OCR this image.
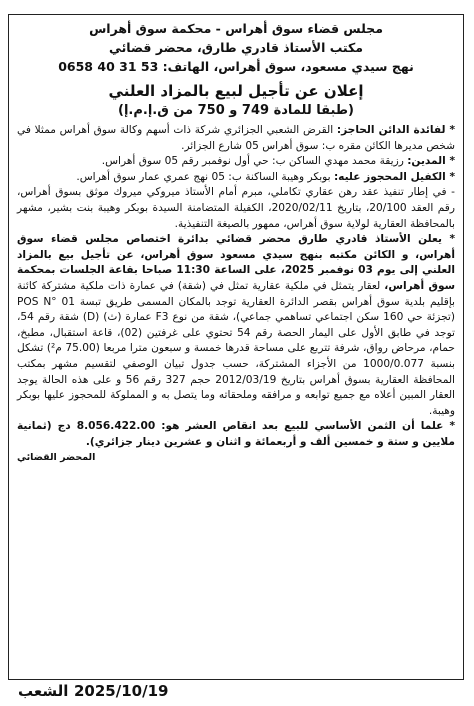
مجلس قضاء سوق أهراس - محكمة سوق أهراس
مكتب الأستاذ قادري طارق، محضر قضائي
نهج سيدي مسعود، سوق أهراس، الهاتف: 53 31 40 0658
إعلان عن تأجيل لبيع بالمزاد العلني
(طبقا للمادة 749 و 750 من ق.إ.م.إ)

* لفائدة الدائن الحاجز: القرض الشعبي الجزائري شركة ذات أسهم وكالة سوق أهراس ممثلا في شخص مديرها الكائن مقره ب: سوق أهراس 05 شارع الجزائر.

* المدين: رزيقة محمد مهدي الساكن ب: حي أول نوفمبر رقم 05 سوق أهراس.

* الكفيل المحجوز عليه: بوبكر وهيبة الساكنة ب: 05 نهج عمري عمار سوق أهراس.

- في إطار تنفيذ عقد رهن عقاري تكاملي، مبرم أمام الأستاذ ميروكي ميروك موثق بسوق أهراس، رقم العقد 20/100، بتاريخ 2020/02/11، الكفيلة المتضامنة السيدة بوبكر وهيبة بنت بشير، مشهر بالمحافظة العقارية لولاية سوق أهراس، ممهور بالصيغة التنفيذية.

* يعلن الأستاذ قادري طارق محضر قضائي بدائرة اختصاص مجلس قضاء سوق أهراس، و الكائن مكتبه بنهج سيدي مسعود سوق أهراس، عن تأجيل بيع بالمزاد العلني إلى يوم 03 نوفمبر 2025، على الساعة 11:30 صباحا بقاعة الجلسات بمحكمة سوق أهراس، لعقار يتمثل في ملكية عقارية تمثل في (شقة) في عمارة ذات ملكية مشتركة كائنة بإقليم بلدية سوق أهراس بقصر الدائرة العقارية توجد بالمكان المسمى طريق تبسة POS N° 01 (تجزئة حي 160 سكن اجتماعي تساهمي جماعي)، شقة من نوع F3 عمارة (ث) (D) شقة رقم 54، توجد في طابق الأول على اليمار الحصة رقم 54 تحتوي على غرفتين (02)، قاعة استقبال، مطبخ، حمام، مرحاض رواق، شرفة تتربع على مساحة قدرها خمسة و سبعون مترا مربعا (75.00 م²) تشكل بنسبة 1000/0.077 من الأجزاء المشتركة، حسب جدول تبيان الوصفي لتقسيم مشهر بمكتب المحافظة العقارية بسوق أهراس بتاريخ 2012/03/19 حجم 327 رقم 56 و على هذه الحالة يوجد العقار المبين أعلاه مع جميع توابعه و مرافقه وملحقاته وما يتصل به و المملوكة للمحجوز عليها بوبكر وهيبة.

* علما أن الثمن الأساسي للبيع بعد انقاص العشر هو: 8.056.422.00 دج (ثمانية ملايين و ستة و خمسين ألف و أربعمائة و اثنان و عشرين دينار جزائري).

المحضر القضائي
2025/10/19
الشعب
